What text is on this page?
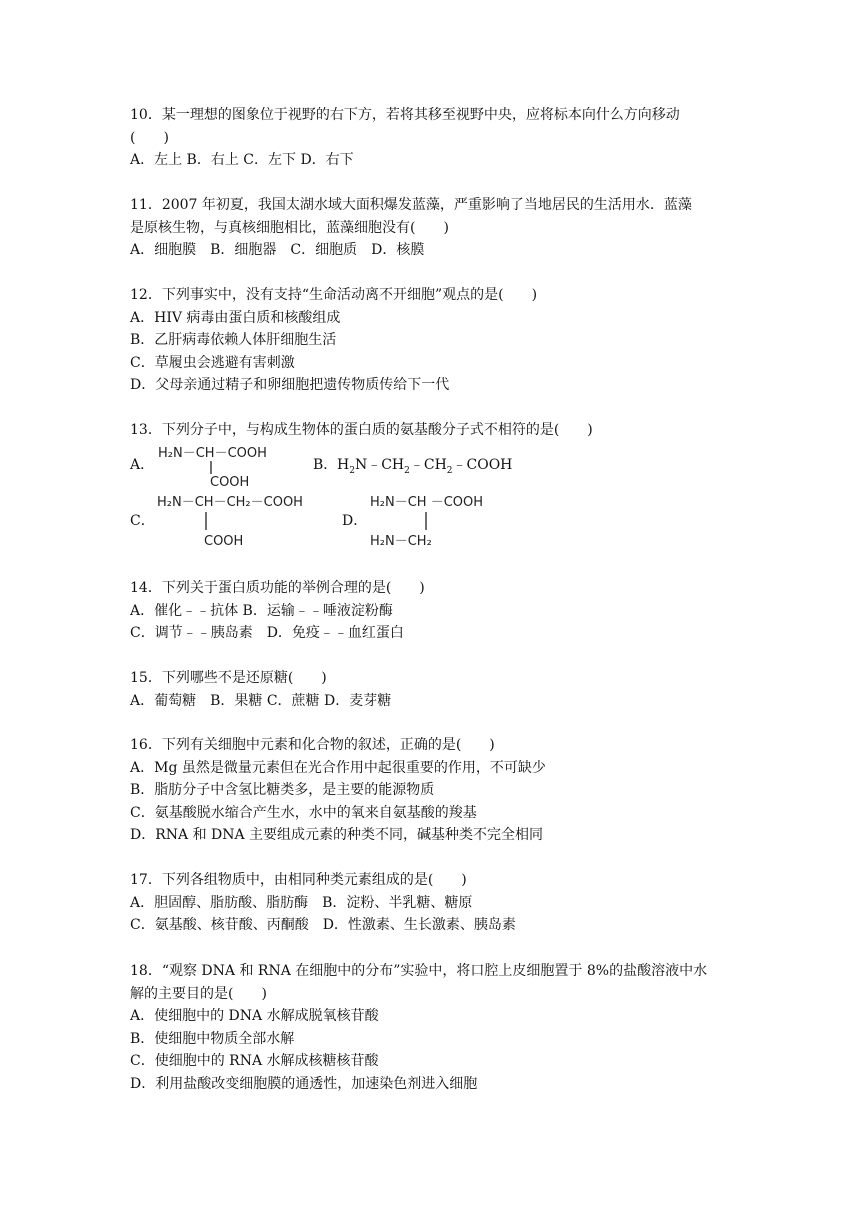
10．某一理想的图象位于视野的右下方，若将其移至视野中央，应将标本向什么方向移动
(　　)
A．左上 B．右上 C．左下 D．右下
11．2007 年初夏，我国太湖水域大面积爆发蓝藻，严重影响了当地居民的生活用水．蓝藻
是原核生物，与真核细胞相比，蓝藻细胞没有(　　)
A．细胞膜　B．细胞器　C．细胞质　D．核膜
12．下列事实中，没有支持“生命活动离不开细胞”观点的是(　　)
A．HIV 病毒由蛋白质和核酸组成
B．乙肝病毒依赖人体肝细胞生活
C．草履虫会逃避有害刺激
D．父母亲通过精子和卵细胞把遗传物质传给下一代
13．下列分子中，与构成生物体的蛋白质的氨基酸分子式不相符的是(　　)
A．
H₂N－CH－COOH
COOH
B． $H_2N﹣CH_2﹣CH_2﹣COOH$
C．
H₂N－CH－CH₂－COOH
COOH
D．
H₂N－CH －COOH
H₂N－CH₂
14．下列关于蛋白质功能的举例合理的是(　　)
A．催化﹣﹣抗体 B．运输﹣﹣唾液淀粉酶
C．调节﹣﹣胰岛素　D．免疫﹣﹣血红蛋白
15．下列哪些不是还原糖(　　)
A．葡萄糖　B．果糖 C．蔗糖 D．麦芽糖
16．下列有关细胞中元素和化合物的叙述，正确的是(　　)
A．Mg 虽然是微量元素但在光合作用中起很重要的作用，不可缺少
B．脂肪分子中含氢比糖类多，是主要的能源物质
C．氨基酸脱水缩合产生水，水中的氧来自氨基酸的羧基
D．RNA 和 DNA 主要组成元素的种类不同，碱基种类不完全相同
17．下列各组物质中，由相同种类元素组成的是(　　)
A．胆固醇、脂肪酸、脂肪酶　B．淀粉、半乳糖、糖原
C．氨基酸、核苷酸、丙酮酸　D．性激素、生长激素、胰岛素
18．“观察 DNA 和 RNA 在细胞中的分布”实验中，将口腔上皮细胞置于 8%的盐酸溶液中水
解的主要目的是(　　)
A．使细胞中的 DNA 水解成脱氧核苷酸
B．使细胞中物质全部水解
C．使细胞中的 RNA 水解成核糖核苷酸
D．利用盐酸改变细胞膜的通透性，加速染色剂进入细胞
